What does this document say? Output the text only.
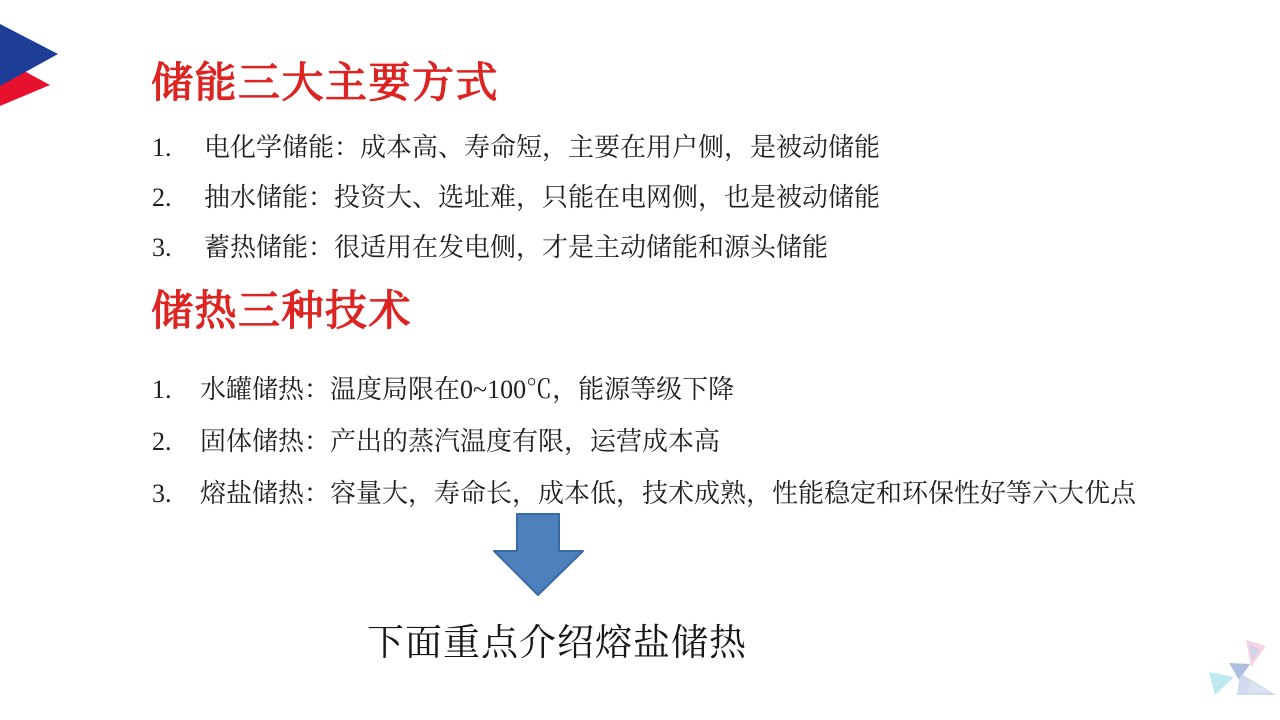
储能三大主要方式
1.	电化学储能：成本高、寿命短，主要在用户侧，是被动储能
2.	抽水储能：投资大、选址难，只能在电网侧，也是被动储能
3.	蓄热储能：很适用在发电侧，才是主动储能和源头储能
储热三种技术
1.	水罐储热：温度局限在0~100℃，能源等级下降
2.	固体储热：产出的蒸汽温度有限，运营成本高
3.	熔盐储热：容量大，寿命长，成本低，技术成熟，性能稳定和环保性好等六大优点
下面重点介绍熔盐储热
